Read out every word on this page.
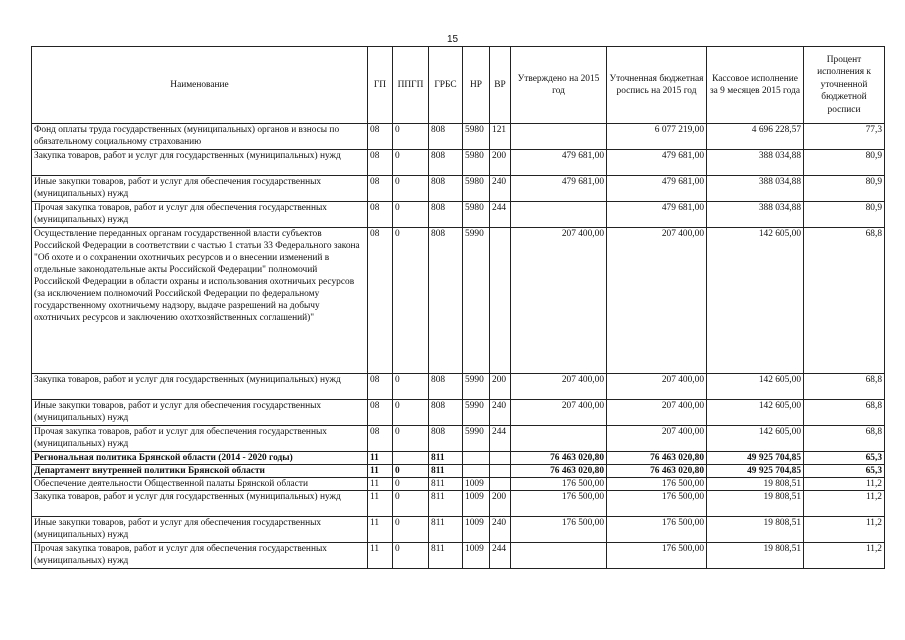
15
Наименование	ГП	ППГП	ГРБС	НР	ВР	Утверждено на 2015 год	Уточненная бюджетная роспись на 2015 год	Кассовое исполнение за 9 месяцев 2015 года	Процент исполнения к уточненной бюджетной росписи
Фонд оплаты труда государственных (муниципальных) органов и взносы по обязательному социальному страхованию	08	0	808	5980	121		6 077 219,00	4 696 228,57	77,3
Закупка товаров, работ и услуг для государственных (муниципальных) нужд	08	0	808	5980	200	479 681,00	479 681,00	388 034,88	80,9
Иные закупки товаров, работ и услуг для обеспечения государственных (муниципальных) нужд	08	0	808	5980	240	479 681,00	479 681,00	388 034,88	80,9
Прочая закупка товаров, работ и услуг для обеспечения государственных (муниципальных) нужд	08	0	808	5980	244		479 681,00	388 034,88	80,9
Осуществление переданных органам государственной власти субъектов Российской Федерации в соответствии с частью 1 статьи 33 Федерального закона "Об охоте и о сохранении охотничьих ресурсов и о внесении изменений в отдельные законодательные акты Российской Федерации" полномочий Российской Федерации в области охраны и использования охотничьих ресурсов (за исключением полномочий Российской Федерации по федеральному государственному охотничьему надзору, выдаче разрешений на добычу охотничьих ресурсов и заключению охотхозяйственных соглашений)"	08	0	808	5990		207 400,00	207 400,00	142 605,00	68,8
Закупка товаров, работ и услуг для государственных (муниципальных) нужд	08	0	808	5990	200	207 400,00	207 400,00	142 605,00	68,8
Иные закупки товаров, работ и услуг для обеспечения государственных (муниципальных) нужд	08	0	808	5990	240	207 400,00	207 400,00	142 605,00	68,8
Прочая закупка товаров, работ и услуг для обеспечения государственных (муниципальных) нужд	08	0	808	5990	244		207 400,00	142 605,00	68,8
Региональная политика Брянской области (2014 - 2020 годы)	11		811			76 463 020,80	76 463 020,80	49 925 704,85	65,3
Департамент внутренней политики Брянской области	11	0	811			76 463 020,80	76 463 020,80	49 925 704,85	65,3
Обеспечение деятельности Общественной палаты Брянской области	11	0	811	1009		176 500,00	176 500,00	19 808,51	11,2
Закупка товаров, работ и услуг для государственных (муниципальных) нужд	11	0	811	1009	200	176 500,00	176 500,00	19 808,51	11,2
Иные закупки товаров, работ и услуг для обеспечения государственных (муниципальных) нужд	11	0	811	1009	240	176 500,00	176 500,00	19 808,51	11,2
Прочая закупка товаров, работ и услуг для обеспечения государственных (муниципальных) нужд	11	0	811	1009	244		176 500,00	19 808,51	11,2
